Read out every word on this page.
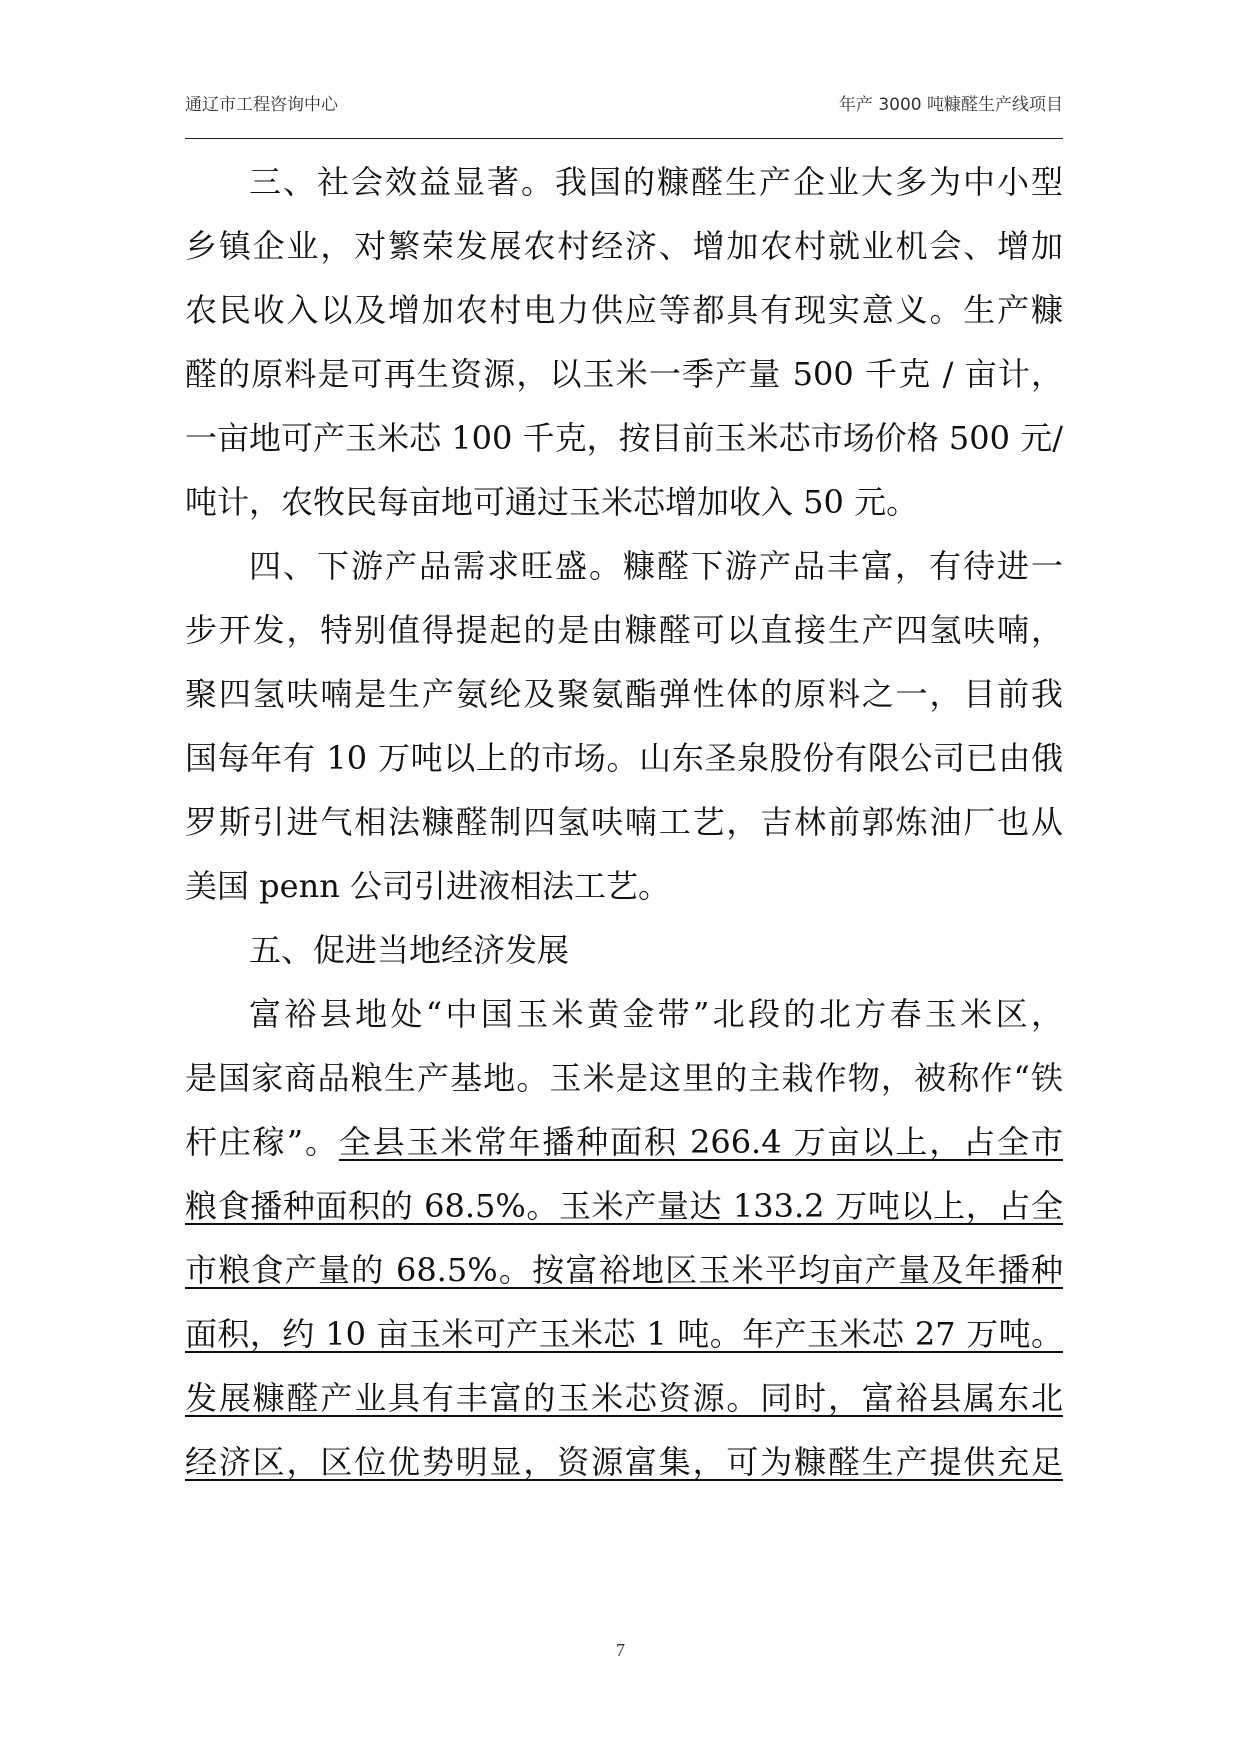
通辽市工程咨询中心	年产 3000 吨糠醛生产线项目
三、社会效益显著。我国的糠醛生产企业大多为中小型
乡镇企业，对繁荣发展农村经济、增加农村就业机会、增加
农民收入以及增加农村电力供应等都具有现实意义。生产糠
醛的原料是可再生资源，以玉米一季产量 500 千克 / 亩计，
一亩地可产玉米芯 100 千克，按目前玉米芯市场价格 500 元/
吨计，农牧民每亩地可通过玉米芯增加收入 50 元。
四、下游产品需求旺盛。糠醛下游产品丰富，有待进一
步开发，特别值得提起的是由糠醛可以直接生产四氢呋喃，
聚四氢呋喃是生产氨纶及聚氨酯弹性体的原料之一，目前我
国每年有 10 万吨以上的市场。山东圣泉股份有限公司已由俄
罗斯引进气相法糠醛制四氢呋喃工艺，吉林前郭炼油厂也从
美国 penn 公司引进液相法工艺。
五、促进当地经济发展
富裕县地处“中国玉米黄金带”北段的北方春玉米区，
是国家商品粮生产基地。玉米是这里的主栽作物，被称作“铁
杆庄稼”。全县玉米常年播种面积 266.4 万亩以上，占全市
粮食播种面积的 68.5%。玉米产量达 133.2 万吨以上，占全
市粮食产量的 68.5%。按富裕地区玉米平均亩产量及年播种
面积，约 10 亩玉米可产玉米芯 1 吨。年产玉米芯 27 万吨。
发展糠醛产业具有丰富的玉米芯资源。同时，富裕县属东北
经济区，区位优势明显，资源富集，可为糠醛生产提供充足
7
